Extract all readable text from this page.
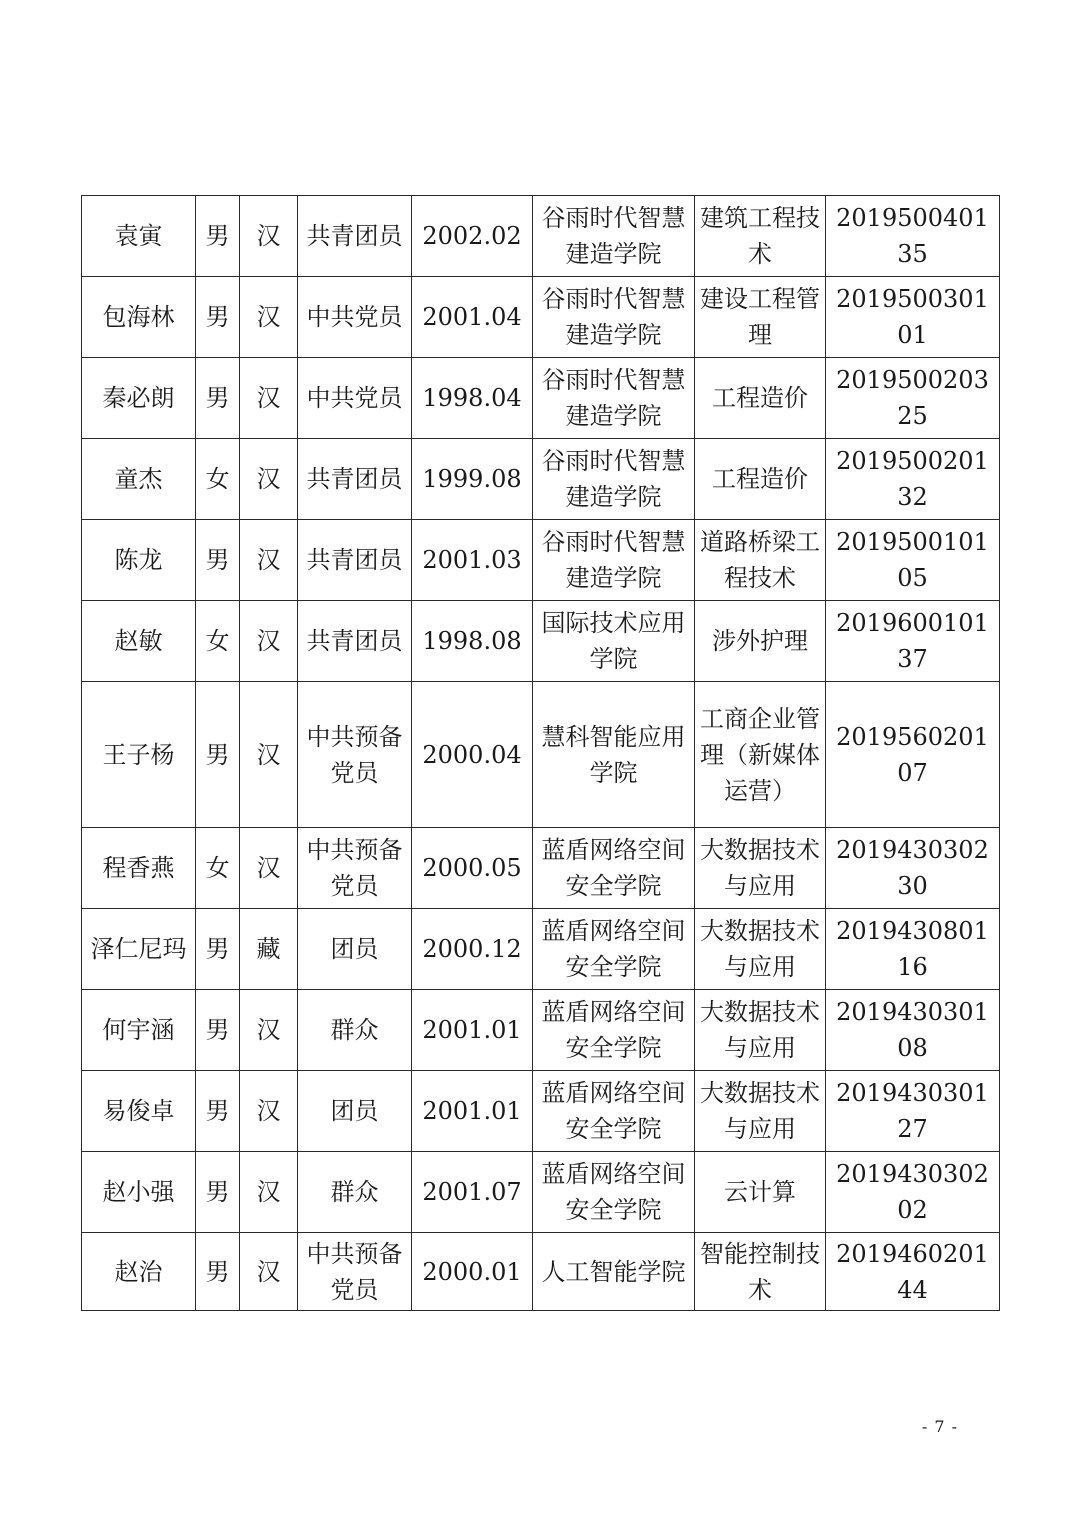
袁寅	男	汉	共青团员	2002.02	谷雨时代智慧建造学院	建筑工程技术	201950040135
包海林	男	汉	中共党员	2001.04	谷雨时代智慧建造学院	建设工程管理	201950030101
秦必朗	男	汉	中共党员	1998.04	谷雨时代智慧建造学院	工程造价	201950020325
童杰	女	汉	共青团员	1999.08	谷雨时代智慧建造学院	工程造价	201950020132
陈龙	男	汉	共青团员	2001.03	谷雨时代智慧建造学院	道路桥梁工程技术	201950010105
赵敏	女	汉	共青团员	1998.08	国际技术应用学院	涉外护理	201960010137
王子杨	男	汉	中共预备党员	2000.04	慧科智能应用学院	工商企业管理（新媒体运营）	201956020107
程香燕	女	汉	中共预备党员	2000.05	蓝盾网络空间安全学院	大数据技术与应用	201943030230
泽仁尼玛	男	藏	团员	2000.12	蓝盾网络空间安全学院	大数据技术与应用	201943080116
何宇涵	男	汉	群众	2001.01	蓝盾网络空间安全学院	大数据技术与应用	201943030108
易俊卓	男	汉	团员	2001.01	蓝盾网络空间安全学院	大数据技术与应用	201943030127
赵小强	男	汉	群众	2001.07	蓝盾网络空间安全学院	云计算	201943030202
赵治	男	汉	中共预备党员	2000.01	人工智能学院	智能控制技术	201946020144
- 7 -
